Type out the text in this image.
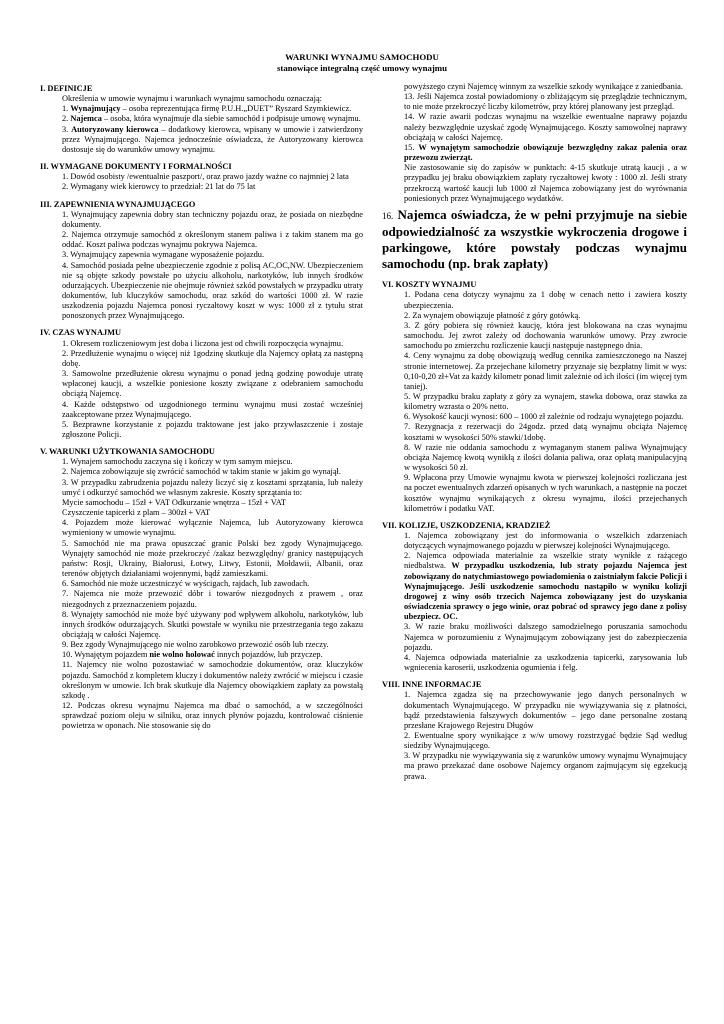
WARUNKI WYNAJMU SAMOCHODU
stanowiące integralną część umowy wynajmu
I. DEFINICJE
Określenia w umowie wynajmu i warunkach wynajmu samochodu oznaczają:
1. Wynajmujący – osoba reprezentująca firmę P.U.H.„DUET” Ryszard Szymkiewicz.
2. Najemca – osoba, która wynajmuje dla siebie samochód i podpisuje umowę wynajmu.
3. Autoryzowany kierowca – dodatkowy kierowca, wpisany w umowie i zatwierdzony przez Wynajmującego. Najemca jednocześnie oświadcza, że Autoryzowany kierowca dostosuje się do warunków umowy wynajmu.
II. WYMAGANE DOKUMENTY I FORMALNOŚCI
1. Dowód osobisty /ewentualnie paszport/, oraz prawo jazdy ważne co najmniej 2 lata
2. Wymagany wiek kierowcy to przedział: 21 lat do 75 lat
III. ZAPEWNIENIA WYNAJMUJĄCEGO
1. Wynajmujący zapewnia dobry stan techniczny pojazdu oraz, że posiada on niezbędne dokumenty.
2. Najemca otrzymuje samochód z określonym stanem paliwa i z takim stanem ma go oddać. Koszt paliwa podczas wynajmu pokrywa Najemca.
3. Wynajmujący zapewnia wymagane wyposażenie pojazdu.
4. Samochód posiada pełne ubezpieczenie zgodnie z polisą AC,OC,NW. Ubezpieczeniem nie są objęte szkody powstałe po użyciu alkoholu, narkotyków, lub innych środków odurzających. Ubezpieczenie nie obejmuje również szkód powstałych w przypadku utraty dokumentów, lub kluczyków samochodu, oraz szkód do wartości 1000 zł. W razie uszkodzenia pojazdu Najemca ponosi ryczałtowy koszt w wys: 1000 zł z tytułu strat ponoszonych przez Wynajmującego.
IV. CZAS WYNAJMU
1. Okresem rozliczeniowym jest doba i liczona jest od chwili rozpoczęcia wynajmu.
2. Przedłużenie wynajmu o więcej niż 1godzinę skutkuje dla Najemcy opłatą za następną dobę.
3. Samowolne przedłużenie okresu wynajmu o ponad jedną godzinę powoduje utratę wpłaconej kaucji, a wszelkie poniesione koszty związane z odebraniem samochodu obciążą Najemcę.
4. Każde odstępstwo od uzgodnionego terminu wynajmu musi zostać wcześniej zaakceptowane przez Wynajmującego.
5. Bezprawne korzystanie z pojazdu traktowane jest jako przywłaszczenie i zostaje zgłoszone Policji.
V. WARUNKI UŻYTKOWANIA SAMOCHODU
1. Wynajem samochodu zaczyna się i kończy w tym samym miejscu.
2. Najemca zobowiązuje się zwrócić samochód w takim stanie w jakim go wynajął.
3. W przypadku zabrudzenia pojazdu należy liczyć się z kosztami sprzątania, lub należy umyć i odkurzyć samochód we własnym zakresie. Koszty sprzątania to:
Mycie samochodu – 15zł + VAT Odkurzanie wnętrza – 15zł + VAT
Czyszczenie tapicerki z plam – 300zł + VAT
4. Pojazdem może kierować wyłącznie Najemca, lub Autoryzowany kierowca wymieniony w umowie wynajmu.
5. Samochód nie ma prawa opuszczać granic Polski bez zgody Wynajmującego. Wynajęty samochód nie może przekroczyć /zakaz bezwzględny/ granicy następujących państw: Rosji, Ukrainy, Białorusi, Łotwy, Litwy, Estonii, Mołdawii, Albanii, oraz terenów objętych działaniami wojennymi, bądź zamieszkami.
6. Samochód nie może uczestniczyć w wyścigach, rajdach, lub zawodach.
7. Najemca nie może przewozić dóbr i towarów niezgodnych z prawem , oraz niezgodnych z przeznaczeniem pojazdu.
8. Wynajęty samochód nie może być używany pod wpływem alkoholu, narkotyków, lub innych środków odurzających. Skutki powstałe w wyniku nie przestrzegania tego zakazu obciążają w całości Najemcę.
9. Bez zgody Wynajmującego nie wolno zarobkowo przewozić osób lub rzeczy.
10. Wynajętym pojazdem nie wolno holować innych pojazdów, lub przyczep.
11. Najemcy nie wolno pozostawiać w samochodzie dokumentów, oraz kluczyków pojazdu. Samochód z kompletem kluczy i dokumentów należy zwrócić w miejscu i czasie określonym w umowie. Ich brak skutkuje dla Najemcy obowiązkiem zapłaty za powstałą szkodę .
12. Podczas okresu wynajmu Najemca ma dbać o samochód, a w szczególności sprawdzać poziom oleju w silniku, oraz innych płynów pojazdu, kontrolować ciśnienie powietrza w oponach. Nie stosowanie się do
powyższego czyni Najemcę winnym za wszelkie szkody wynikające z zaniedbania.
13. Jeśli Najemca został powiadomiony o zbliżającym się przeglądzie technicznym, to nie może przekroczyć liczby kilometrów, przy której planowany jest przegląd.
14. W razie awarii podczas wynajmu na wszelkie ewentualne naprawy pojazdu należy bezwzględnie uzyskać zgodę Wynajmującego. Koszty samowolnej naprawy obciążają w całości Najemcę.
15. W wynajętym samochodzie obowiązuje bezwzględny zakaz palenia oraz przewozu zwierząt.
Nie zastosowanie się do zapisów w punktach: 4-15 skutkuje utratą kaucji , a w przypadku jej braku obowiązkiem zapłaty ryczałtowej kwoty : 1000 zł. Jeśli straty przekroczą wartość kaucji lub 1000 zł Najemca zobowiązany jest do wyrównania poniesionych przez Wynajmującego wydatków.
16. Najemca oświadcza, że w pełni przyjmuje na siebie odpowiedzialność za wszystkie wykroczenia drogowe i parkingowe, które powstały podczas wynajmu samochodu (np. brak zapłaty)
VI. KOSZTY WYNAJMU
1. Podana cena dotyczy wynajmu za 1 dobę w cenach netto i zawiera koszty ubezpieczenia.
2. Za wynajem obowiązuje płatność z góry gotówką.
3. Z góry pobiera się również kaucję, która jest blokowana na czas wynajmu samochodu. Jej zwrot zależy od dochowania warunków umowy. Przy zwrocie samochodu po zmierzchu rozliczenie kaucji następuje następnego dnia.
4. Ceny wynajmu za dobę obowiązują według cennika zamieszczonego na Naszej stronie internetowej. Za przejechane kilometry przyznaje się bezpłatny limit w wys: 0,10-0,20 zł+Vat za każdy kilometr ponad limit zależnie od ich ilości (im więcej tym taniej).
5. W przypadku braku zapłaty z góry za wynajem, stawka dobowa, oraz stawka za kilometry wzrasta o 20% netto.
6. Wysokość kaucji wynosi: 600 – 1000 zł zależnie od rodzaju wynajętego pojazdu.
7. Rezygnacja z rezerwacji do 24godz. przed datą wynajmu obciąża Najemcę kosztami w wysokości 50% stawki/1dobę.
8. W razie nie oddania samochodu z wymaganym stanem paliwa Wynajmujący obciąża Najemcę kwotą wynikłą z ilości dolania paliwa, oraz opłatą manipulacyjną w wysokości 50 zł.
9. Wpłacona przy Umowie wynajmu kwota w pierwszej kolejności rozliczana jest na poczet ewentualnych zdarzeń opisanych w tych warunkach, a następnie na poczet kosztów wynajmu wynikających z okresu wynajmu, ilości przejechanych kilometrów i podatku VAT.
VII. KOLIZJE, USZKODZENIA, KRADZIEŻ
1. Najemca zobowiązany jest do informowania o wszelkich zdarzeniach dotyczących wynajmowanego pojazdu w pierwszej kolejności Wynajmującego.
2. Najemca odpowiada materialnie za wszelkie straty wynikłe z rażącego niedbalstwa. W przypadku uszkodzenia, lub straty pojazdu Najemca jest zobowiązany do natychmiastowego powiadomienia o zaistniałym fakcie Policji i Wynajmującego. Jeśli uszkodzenie samochodu nastąpiło w wyniku kolizji drogowej z winy osób trzecich Najemca zobowiązany jest do uzyskania oświadczenia sprawcy o jego winie, oraz pobrać od sprawcy jego dane z polisy ubezpiecz. OC.
3. W razie braku możliwości dalszego samodzielnego poruszania samochodu Najemca w porozumieniu z Wynajmującym zobowiązany jest do zabezpieczenia pojazdu.
4. Najemca odpowiada materialnie za uszkodzenia tapicerki, zarysowania lub wgniecenia karoserii, uszkodzenia ogumienia i felg.
VIII. INNE INFORMACJE
1. Najemca zgadza się na przechowywanie jego danych personalnych w dokumentach Wynajmującego. W przypadku nie wywiązywania się z płatności, bądź przedstawienia fałszywych dokumentów – jego dane personalne zostaną przesłane Krajowego Rejestru Długów
2. Ewentualne spory wynikające z w/w umowy rozstrzygać będzie Sąd według siedziby Wynajmującego.
3. W przypadku nie wywiązywania się z warunków umowy wynajmu Wynajmujący ma prawo przekazać dane osobowe Najemcy organom zajmującym się egzekucją prawa.
